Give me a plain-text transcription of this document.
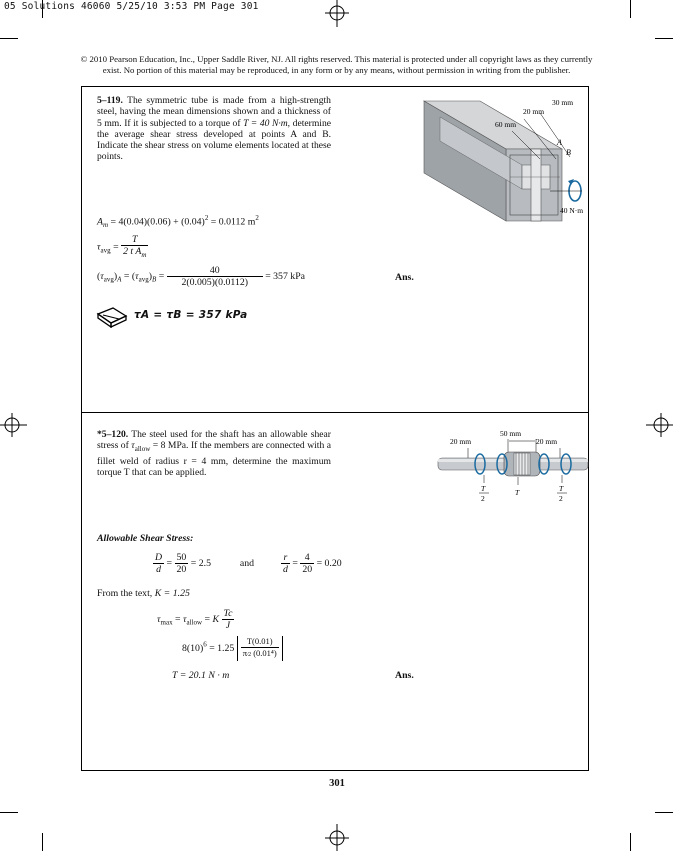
05 Solutions 46060 5/25/10 3:53 PM Page 301
© 2010 Pearson Education, Inc., Upper Saddle River, NJ. All rights reserved. This material is protected under all copyright laws as they currently
exist. No portion of this material may be reproduced, in any form or by any means, without permission in writing from the publisher.
5–119. The symmetric tube is made from a high-strength steel, having the mean dimensions shown and a thickness of 5 mm. If it is subjected to a torque of T = 40 N·m, determine the average shear stress developed at points A and B. Indicate the shear stress on volume elements located at these points.
30 mm
20 mm
60 mm
A
B
40 N·m
$A_m = 4(0.04)(0.06) + (0.04)^2 = 0.0112$ $m^2$
$\tau_{avg} = \frac{T}{2 t A_m}$
$(\tau_{avg})_A = (\tau_{avg})_B = \frac{40}{2(0.005)(0.0112)} = 357$ kPa	Ans.
τA = τB = 357 kPa
*5–120. The steel used for the shaft has an allowable shear stress of $\tau_{allow} = 8$ MPa. If the members are connected with a fillet weld of radius r = 4 mm, determine the maximum torque T that can be applied.
50 mm
20 mm	20 mm
T
2
T	T
2
Allowable Shear Stress:
$\frac{D}{d} = \frac{50}{20} = 2.5$	and	$\frac{r}{d} = \frac{4}{20} = 0.20$
From the text, K = 1.25
$\tau_{max} = \tau_{allow} = K \frac{Tc}{J}$
$8(10)^6 = 1.25 \frac{T(0.01)}{\text{π⁄2 (0.01⁴)}}$
T = 20.1 N · m	Ans.
301
